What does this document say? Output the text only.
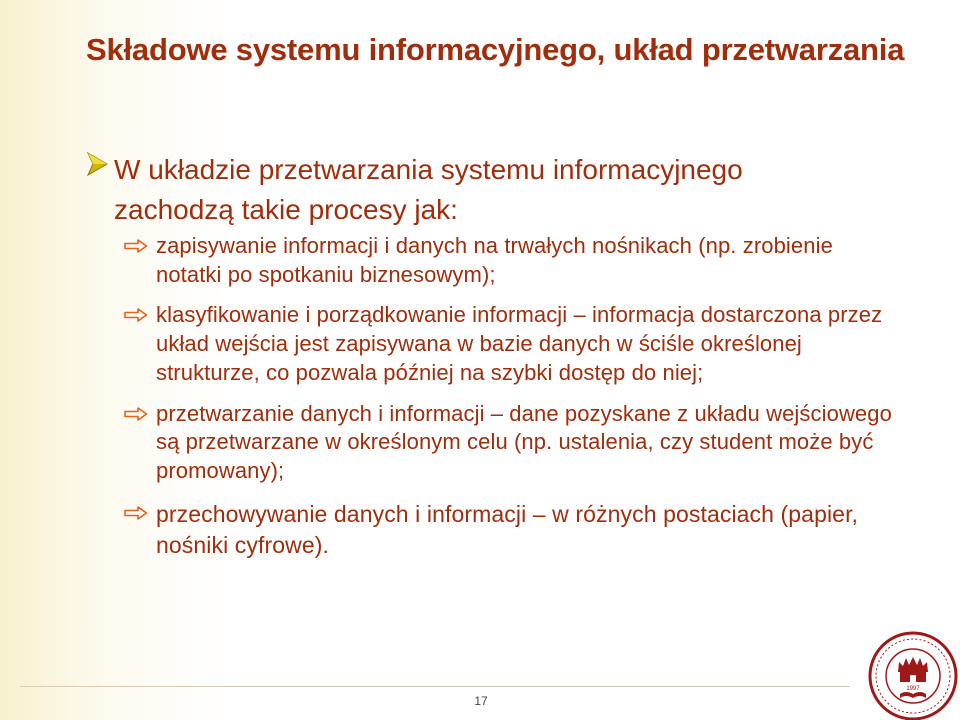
Składowe systemu informacyjnego, układ przetwarzania

W układzie przetwarzania systemu informacyjnego zachodzą takie procesy jak:

zapisywanie informacji i danych na trwałych nośnikach (np. zrobienie notatki po spotkaniu biznesowym);

klasyfikowanie i porządkowanie informacji – informacja dostarczona przez układ wejścia jest zapisywana w bazie danych w ściśle określonej strukturze, co pozwala później na szybki dostęp do niej;

przetwarzanie danych i informacji – dane pozyskane z układu wejściowego są przetwarzane w określonym celu (np. ustalenia, czy student może być promowany);

przechowywanie danych i informacji – w różnych postaciach (papier, nośniki cyfrowe).

17
1997
